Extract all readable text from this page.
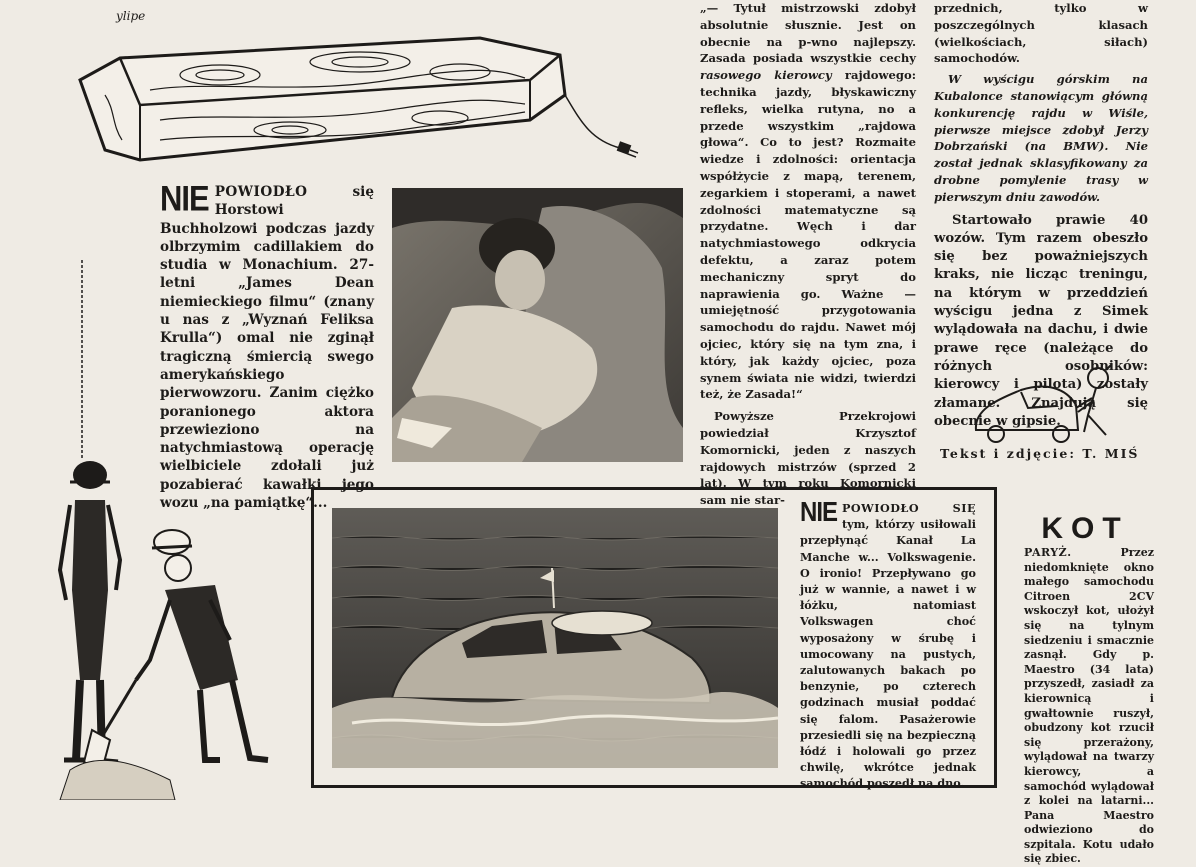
ylipe
NIE POWIODŁO	się Horstowi Buchholzowi podczas jazdy olbrzymim cadillakiem do studia w Monachium. 27-letni „James Dean niemieckiego filmu“ (znany u nas z „Wyznań Feliksa Krulla“) omal nie zginął tragiczną śmiercią swego amerykańskiego pierwowzoru. Zanim ciężko poranionego aktora przewieziono na natychmiastową operację wielbiciele zdołali już pozabierać kawałki jego wozu „na pamiątkę“...

„— Tytuł mistrzowski zdobył absolutnie słusznie. Jest on obecnie na p-wno najlepszy. Zasada posiada wszystkie cechy rasowego kierowcy rajdowego: technika jazdy, błyskawiczny refleks, wielka rutyna, no a przede wszystkim „rajdowa głowa“. Co to jest? Rozmaite wiedze i zdolności: orientacja współżycie z mapą, terenem, zegarkiem i stoperami, a nawet zdolności matematyczne są przydatne. Węch i dar natychmiastowego odkrycia defektu, a zaraz potem mechaniczny spryt do naprawienia go. Ważne — umiejętność przygotowania samochodu do rajdu. Nawet mój ojciec, który się na tym zna, i który, jak każdy ojciec, poza synem świata nie widzi, twierdzi też, że Zasada!“

Powyższe Przekrojowi powiedział Krzysztof Komornicki, jeden z naszych rajdowych mistrzów (sprzed 2 lat). W tym roku Komornicki sam nie star-

przednich, tylko w poszczególnych klasach (wielkościach, siłach) samochodów.

W wyścigu górskim na Kubalonce stanowiącym główną konkurencję rajdu w Wiśle, pierwsze miejsce zdobył Jerzy Dobrzański (na BMW). Nie został jednak sklasyfikowany za drobne pomylenie trasy w pierwszym dniu zawodów.

Startowało prawie 40 wozów. Tym razem obeszło się bez poważniejszych kraks, nie licząc treningu, na którym w przeddzień wyścigu jedna z Simek wylądowała na dachu, i dwie prawe ręce (należące do różnych osobników: kierowcy i pilota) zostały złamane. Znajdują się obecnie w gipsie.

Tekst i zdjęcie: T. MIŚ
NIE POWIODŁO SIĘ tym, którzy usiłowali przepłynąć Kanał La Manche w... Volkswagenie. O ironio! Przepływano go już w wannie, a nawet i w łóżku, natomiast Volkswagen choć wyposażony w śrubę i umocowany na pustych, zalutowanych bakach po benzynie, po czterech godzinach musiał poddać się falom. Pasażerowie przesiedli się na bezpieczną łódź i holowali go przez chwilę, wkrótce jednak samochód poszedł na dno.
KOT
PARYŻ.	Przez niedomknięte okno małego samochodu Citroen 2CV wskoczył kot, ułożył się na tylnym siedzeniu i smacznie zasnął. Gdy p. Maestro (34 lata) przyszedł, zasiadł za kierownicą i gwałtownie ruszył, obudzony kot rzucił się przerażony, wylądował na twarzy kierowcy, a samochód wylądował z kolei na latarni... Pana Maestro odwieziono do szpitala. Kotu udało się zbiec.
